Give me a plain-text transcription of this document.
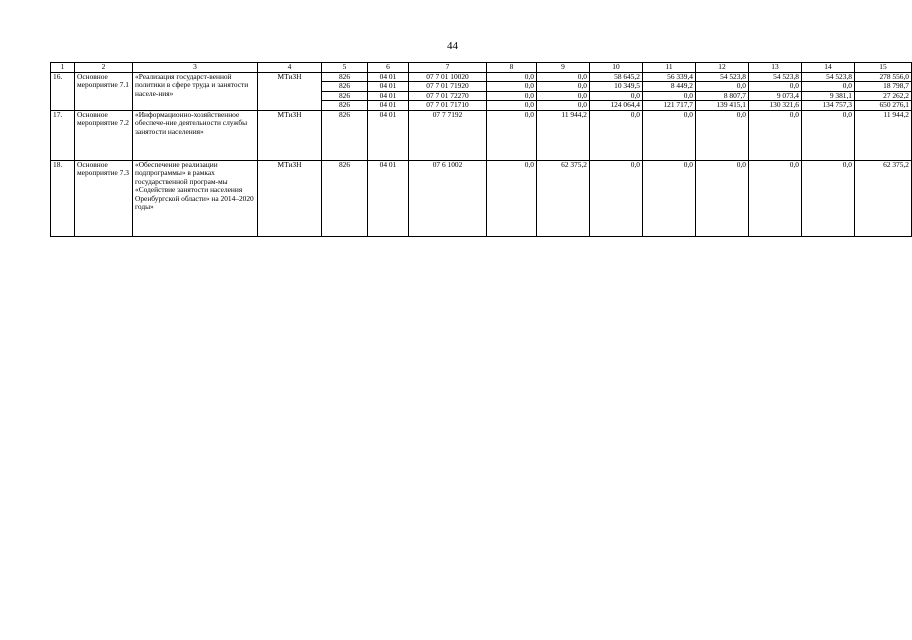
44
1	2	3	4	5	6	7	8	9	10	11	12	13	14	15
16.	Основное мероприятие 7.1	«Реализация государст-венной политики в сфере труда и занятости населе-ния»	МТиЗН	826	04 01	07 7 01 10020	0,0	0,0	58 645,2	56 339,4	54 523,8	54 523,8	54 523,8	278 556,0
				826	04 01	07 7 01 71920	0,0	0,0	10 349,5	8 449,2	0,0	0,0	0,0	18 798,7
				826	04 01	07 7 01 72270	0,0	0,0	0,0	0,0	8 807,7	9 073,4	9 381,1	27 262,2
				826	04 01	07 7 01 71710	0,0	0,0	124 064,4	121 717,7	139 415,1	130 321,6	134 757,3	650 276,1
17.	Основное мероприятие 7.2	«Информационно-хозяйственное обеспече-ние деятельности службы занятости населения»	МТиЗН	826	04 01	07 7 7192	0,0	11 944,2	0,0	0,0	0,0	0,0	0,0	11 944,2
18.	Основное мероприятие 7.3	«Обеспечение реализации подпрограммы» в рамках государственной програм-мы «Содействие занятости населения Оренбургской области» на 2014–2020 годы»	МТиЗН	826	04 01	07 6 1002	0,0	62 375,2	0,0	0,0	0,0	0,0	0,0	62 375,2
